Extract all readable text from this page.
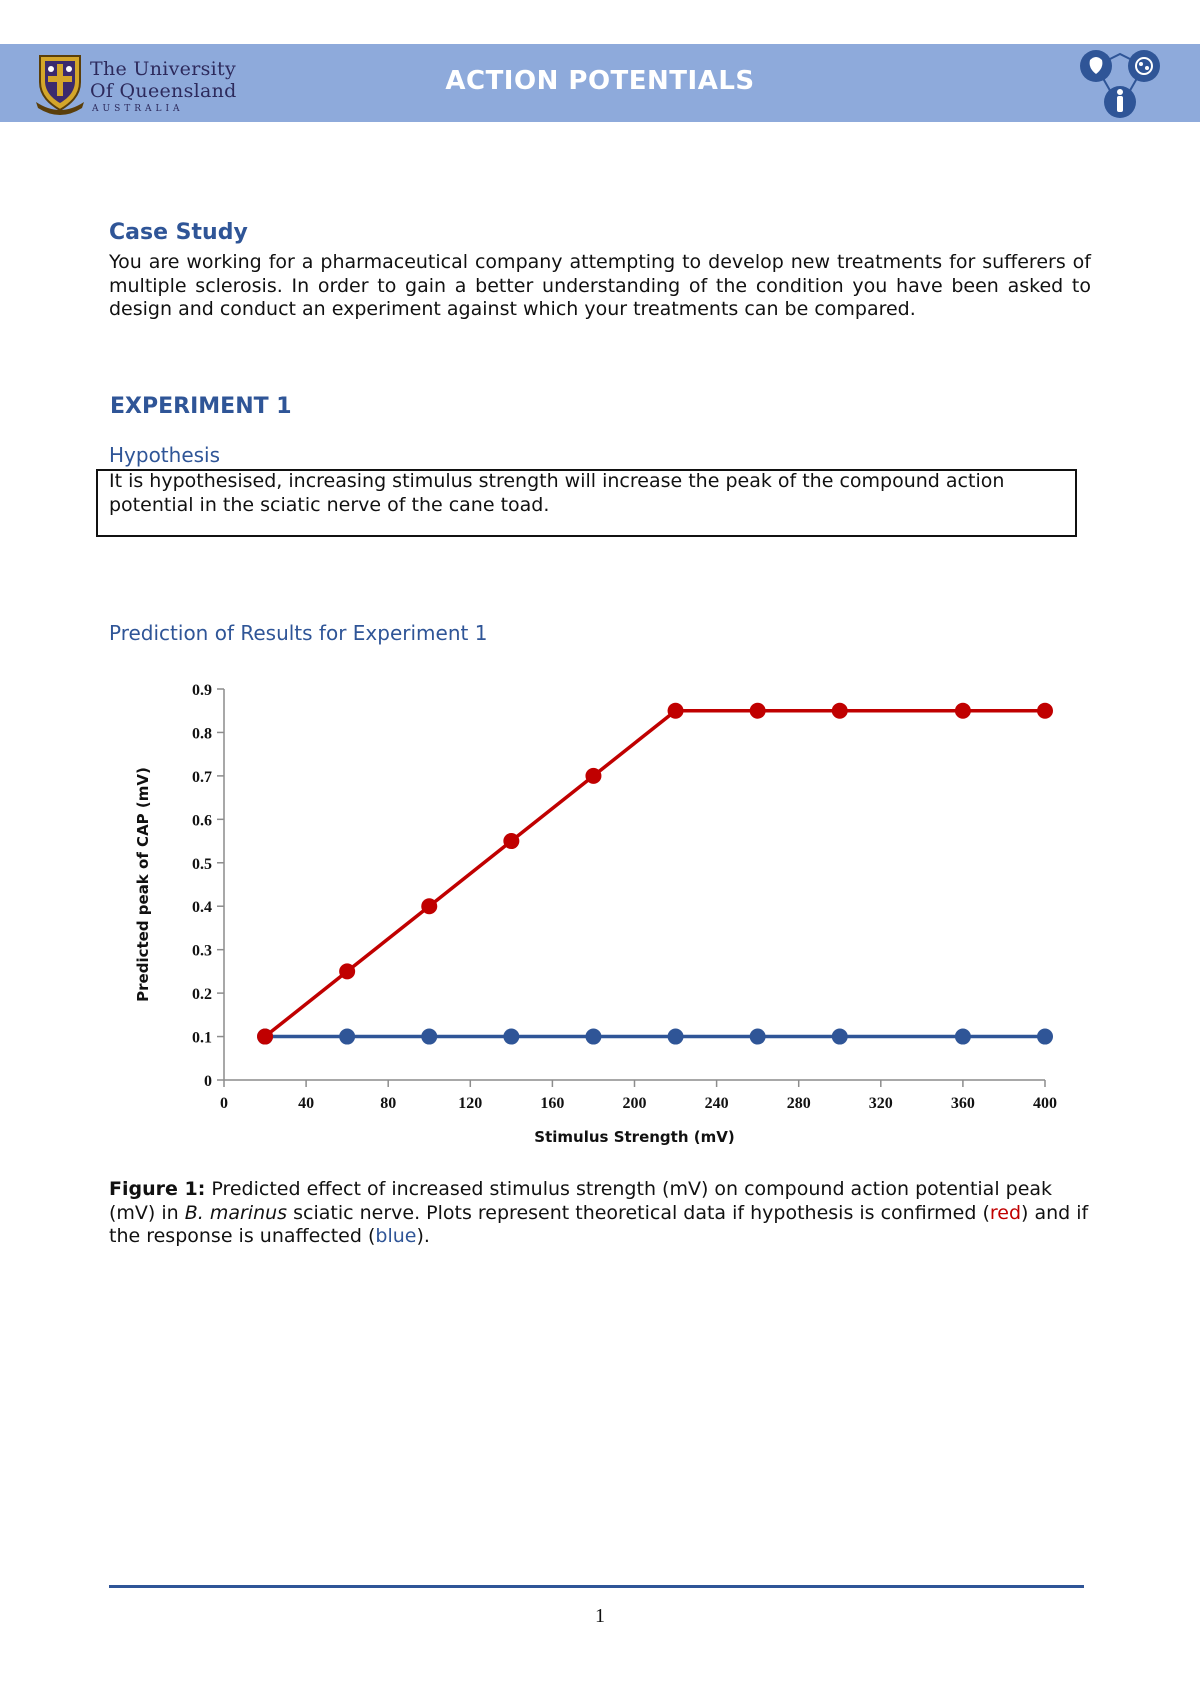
The University
Of Queensland
AUSTRALIA
ACTION POTENTIALS
Case Study
You are working for a pharmaceutical company attempting to develop new treatments for sufferers of multiple sclerosis. In order to gain a better understanding of the condition you have been asked to design and conduct an experiment against which your treatments can be compared.
EXPERIMENT 1
Hypothesis
It is hypothesised, increasing stimulus strength will increase the peak of the compound action potential in the sciatic nerve of the cane toad.
Prediction of Results for Experiment 1
0
0.1
0.2
0.3
0.4
0.5
0.6
0.7
0.8
0.9
0	40	80	120	160	200	240	280	320	360	400
Stimulus Strength (mV)
Predicted peak of CAP (mV)
Figure 1: Predicted effect of increased stimulus strength (mV) on compound action potential peak (mV) in B. marinus sciatic nerve. Plots represent theoretical data if hypothesis is confirmed (red) and if the response is unaffected (blue).
1
